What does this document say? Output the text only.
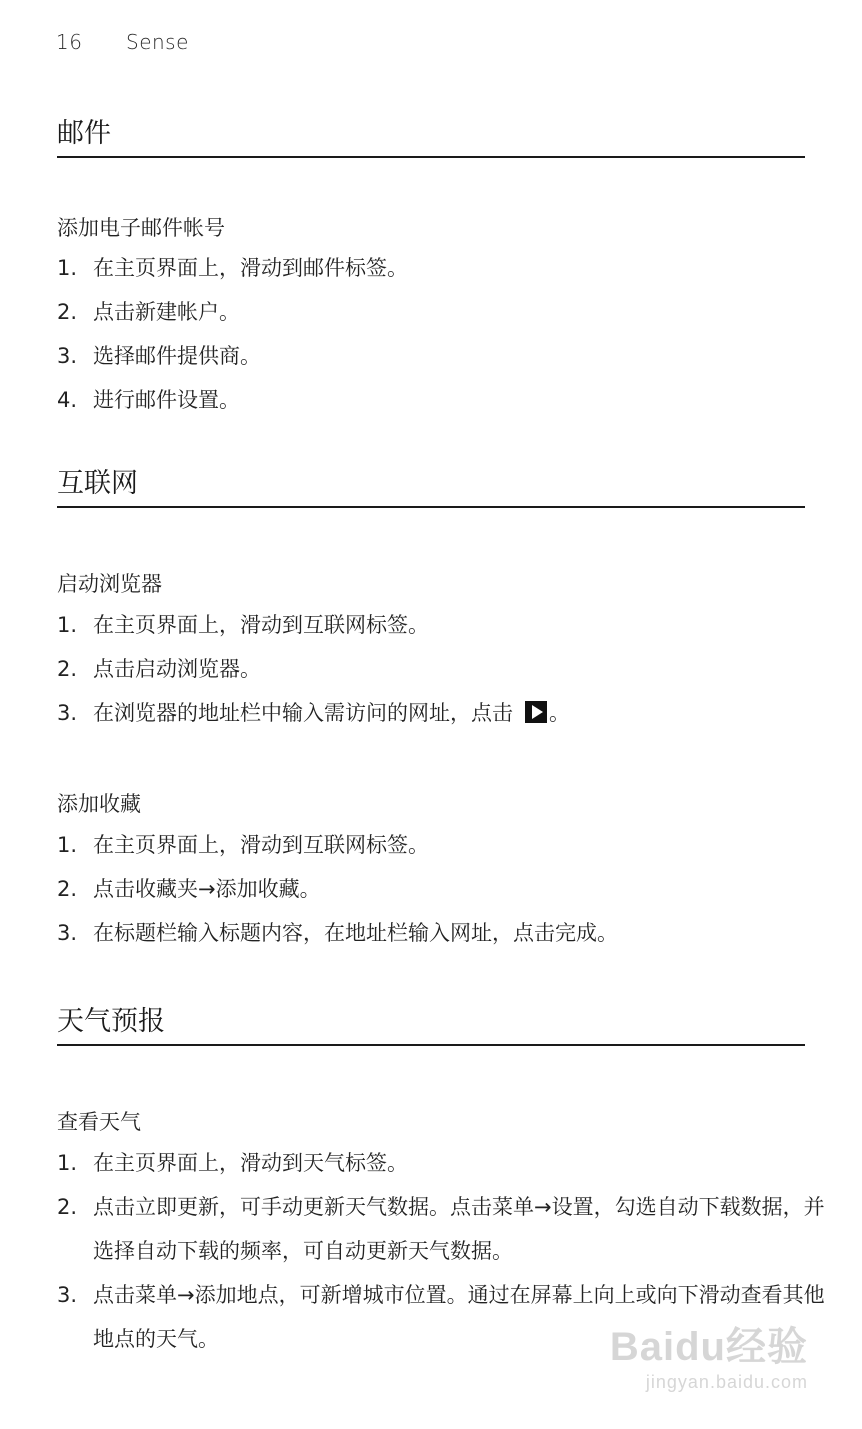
16 Sense
邮件
添加电子邮件帐号
1. 在主页界面上，滑动到邮件标签。
2. 点击新建帐户。
3. 选择邮件提供商。
4. 进行邮件设置。
互联网
启动浏览器
1. 在主页界面上，滑动到互联网标签。
2. 点击启动浏览器。
3. 在浏览器的地址栏中输入需访问的网址，点击 。
添加收藏
1. 在主页界面上，滑动到互联网标签。
2. 点击收藏夹→添加收藏。
3. 在标题栏输入标题内容，在地址栏输入网址，点击完成。
天气预报
查看天气
1. 在主页界面上，滑动到天气标签。
2. 点击立即更新，可手动更新天气数据。点击菜单→设置，勾选自动下载数据，并选择自动下载的频率，可自动更新天气数据。
3. 点击菜单→添加地点，可新增城市位置。通过在屏幕上向上或向下滑动查看其他地点的天气。	Baidu经验
jingyan.baidu.com
